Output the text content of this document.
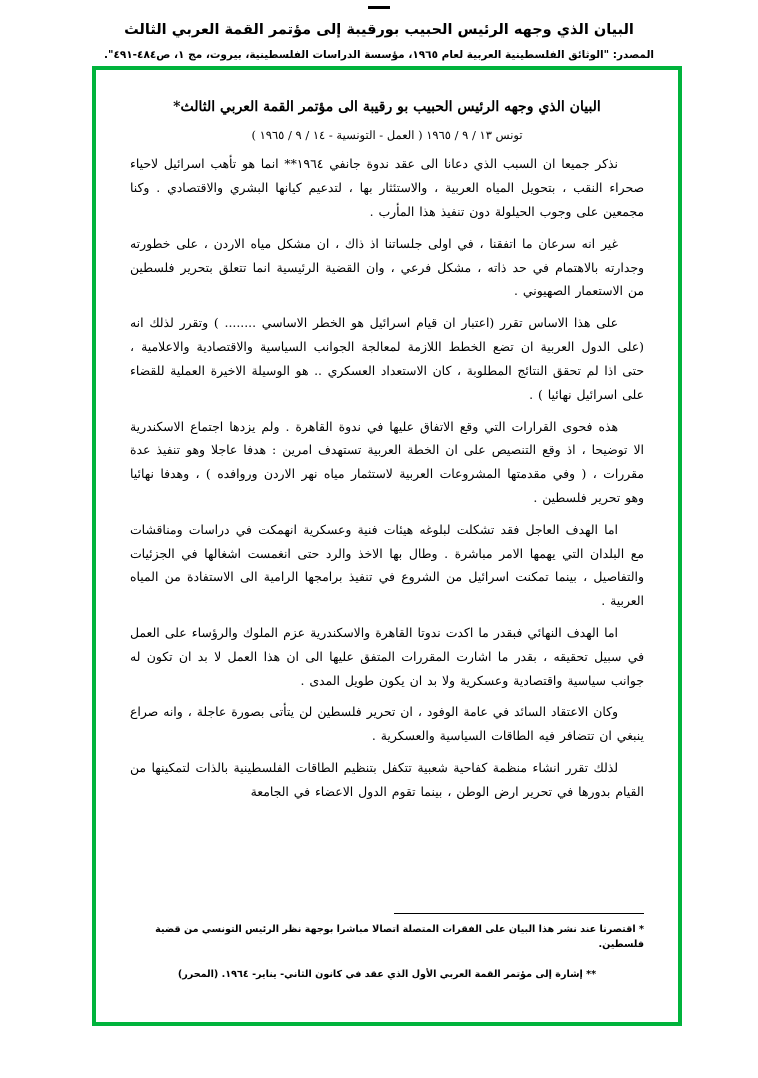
البيان الذي وجهه الرئيس الحبيب بورقيبة إلى مؤتمر القمة العربي الثالث
المصدر: "الوثائق الفلسطينية العربية لعام ١٩٦٥، مؤسسة الدراسات الفلسطينية، بيروت، مج ١، ص٤٨٤-٤٩١".
البيان الذي وجهه الرئيس الحبيب بو رقيبة الى مؤتمر القمة العربي الثالث*
تونس ١٣ / ٩ / ١٩٦٥ ( العمل - التونسية - ١٤ / ٩ / ١٩٦٥ )

نذكر جميعا ان السبب الذي دعانا الى عقد ندوة جانفي ١٩٦٤** انما هو تأهب اسرائيل لاحياء صحراء النقب ، بتحويل المياه العربية ، والاستئثار بها ، لتدعيم كيانها البشري والاقتصادي . وكنا مجمعين على وجوب الحيلولة دون تنفيذ هذا المأرب .

غير انه سرعان ما اتفقنا ، في اولى جلساتنا اذ ذاك ، ان مشكل مياه الاردن ، على خطورته وجدارته بالاهتمام في حد ذاته ، مشكل فرعي ، وان القضية الرئيسية انما تتعلق بتحرير فلسطين من الاستعمار الصهيوني .

على هذا الاساس تقرر (اعتبار ان قيام اسرائيل هو الخطر الاساسي ........ ) وتقرر لذلك انه (على الدول العربية ان تضع الخطط اللازمة لمعالجة الجوانب السياسية والاقتصادية والاعلامية ، حتى اذا لم تحقق النتائج المطلوبة ، كان الاستعداد العسكري .. هو الوسيلة الاخيرة العملية للقضاء على اسرائيل نهائيا ) .

هذه فحوى القرارات التي وقع الاتفاق عليها في ندوة القاهرة . ولم يزدها اجتماع الاسكندرية الا توضيحا ، اذ وقع التنصيص على ان الخطة العربية تستهدف امرين : هدفا عاجلا وهو تنفيذ عدة مقررات ، ( وفي مقدمتها المشروعات العربية لاستثمار مياه نهر الاردن وروافده ) ، وهدفا نهائيا وهو تحرير فلسطين .

اما الهدف العاجل فقد تشكلت لبلوغه هيئات فنية وعسكرية انهمكت في دراسات ومناقشات مع البلدان التي يهمها الامر مباشرة . وطال بها الاخذ والرد حتى انغمست اشغالها في الجزئيات والتفاصيل ، بينما تمكنت اسرائيل من الشروع في تنفيذ برامجها الرامية الى الاستفادة من المياه العربية .

اما الهدف النهائي فبقدر ما اكدت ندوتا القاهرة والاسكندرية عزم الملوك والرؤساء على العمل في سبيل تحقيقه ، بقدر ما اشارت المقررات المتفق عليها الى ان هذا العمل لا بد ان تكون له جوانب سياسية واقتصادية وعسكرية ولا بد ان يكون طويل المدى .

وكان الاعتقاد السائد في عامة الوفود ، ان تحرير فلسطين لن يتأتى بصورة عاجلة ، وانه صراع ينبغي ان تتضافر فيه الطاقات السياسية والعسكرية .

لذلك تقرر انشاء منظمة كفاحية شعبية تتكفل بتنظيم الطاقات الفلسطينية بالذات لتمكينها من القيام بدورها في تحرير ارض الوطن ، بينما تقوم الدول الاعضاء في الجامعة

* اقتصرنا عند نشر هذا البيان على الفقرات المتصلة اتصالا مباشرا بوجهة نظر الرئيس التونسي من قضية فلسطين.
** إشارة إلى مؤتمر القمة العربي الأول الذي عقد في كانون الثاني- يناير- ١٩٦٤. (المحرر)
